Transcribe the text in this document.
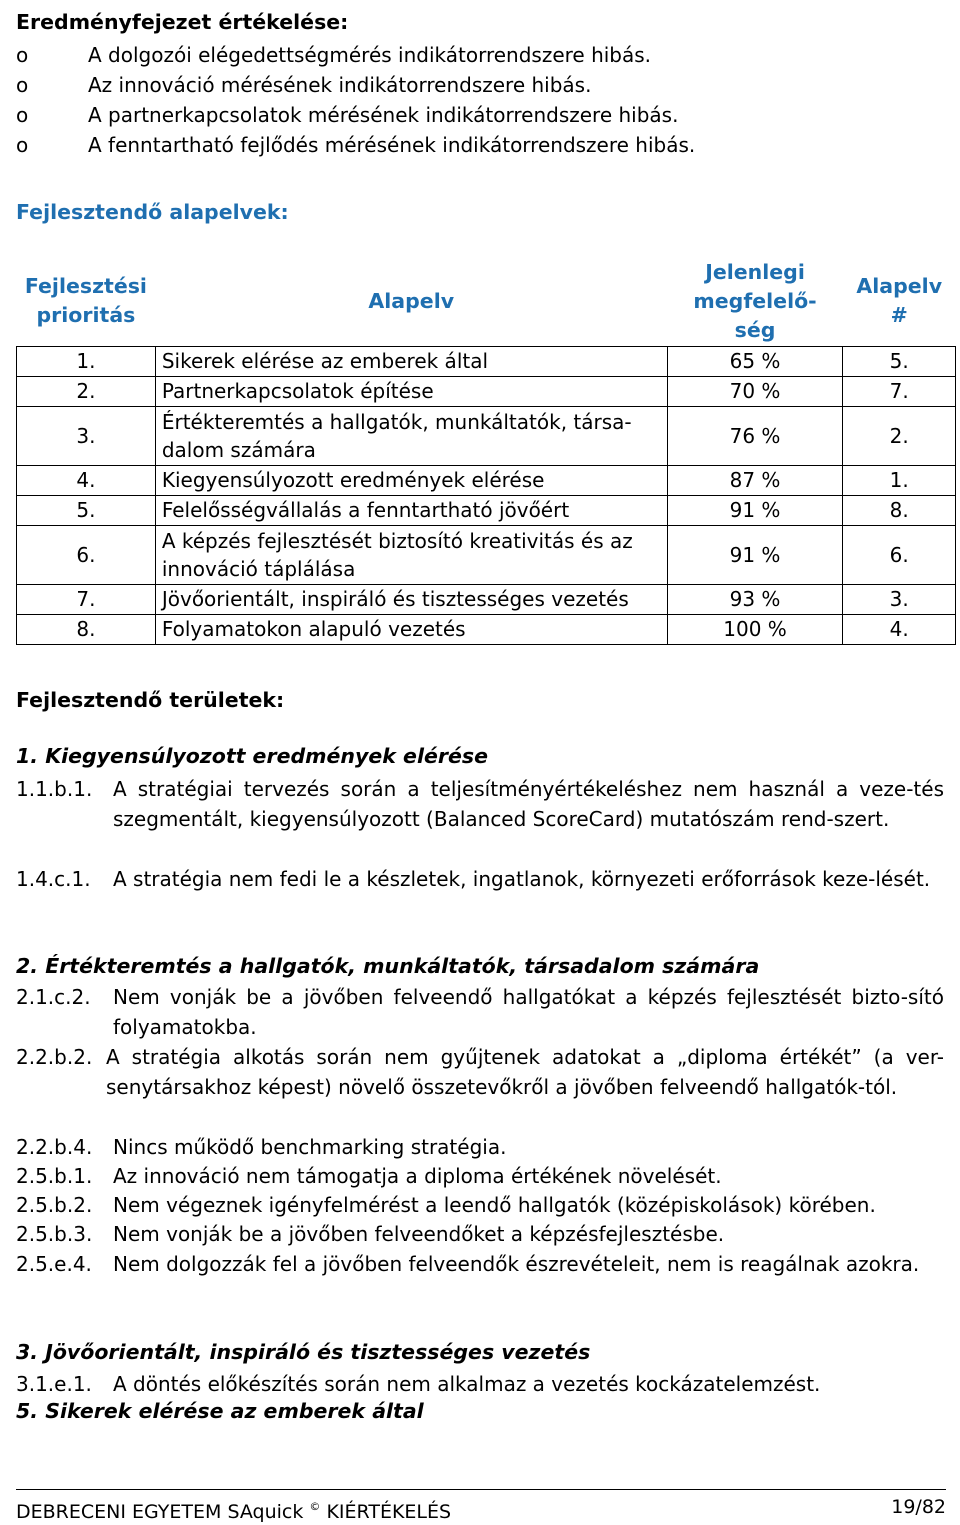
Eredményfejezet értékelése:
o	A dolgozói elégedettségmérés indikátorrendszere hibás.
o	Az innováció mérésének indikátorrendszere hibás.
o	A partnerkapcsolatok mérésének indikátorrendszere hibás.
o	A fenntartható fejlődés mérésének indikátorrendszere hibás.
Fejlesztendő alapelvek:
Fejlesztési
prioritás	Alapelv	Jelenlegi
megfelelő-
ség	Alapelv
#
1.	Sikerek elérése az emberek által	65 %	5.
2.	Partnerkapcsolatok építése	70 %	7.
3.	Értékteremtés a hallgatók, munkáltatók, társa-
dalom számára	76 %	2.
4.	Kiegyensúlyozott eredmények elérése	87 %	1.
5.	Felelősségvállalás a fenntartható jövőért	91 %	8.
6.	A képzés fejlesztését biztosító kreativitás és az
innováció táplálása	91 %	6.
7.	Jövőorientált, inspiráló és tisztességes vezetés	93 %	3.
8.	Folyamatokon alapuló vezetés	100 %	4.
Fejlesztendő területek:
1. Kiegyensúlyozott eredmények elérése
1.1.b.1. A stratégiai tervezés során a teljesítményértékeléshez nem használ a veze-tés szegmentált, kiegyensúlyozott (Balanced ScoreCard) mutatószám rend-szert.
1.4.c.1. A stratégia nem fedi le a készletek, ingatlanok, környezeti erőforrások keze-lését.
2. Értékteremtés a hallgatók, munkáltatók, társadalom számára
2.1.c.2. Nem vonják be a jövőben felveendő hallgatókat a képzés fejlesztését bizto-sító folyamatokba.
2.2.b.2. A stratégia alkotás során nem gyűjtenek adatokat a „diploma értékét” (a ver-senytársakhoz képest) növelő összetevőkről a jövőben felveendő hallgatók-tól.
2.2.b.4. Nincs működő benchmarking stratégia.
2.5.b.1. Az innováció nem támogatja a diploma értékének növelését.
2.5.b.2. Nem végeznek igényfelmérést a leendő hallgatók (középiskolások) körében.
2.5.b.3. Nem vonják be a jövőben felveendőket a képzésfejlesztésbe.
2.5.e.4. Nem dolgozzák fel a jövőben felveendők észrevételeit, nem is reagálnak azokra.
3. Jövőorientált, inspiráló és tisztességes vezetés
3.1.e.1. A döntés előkészítés során nem alkalmaz a vezetés kockázatelemzést.
5. Sikerek elérése az emberek által
DEBRECENI EGYETEM SAquick © KIÉRTÉKELÉS	19/82
